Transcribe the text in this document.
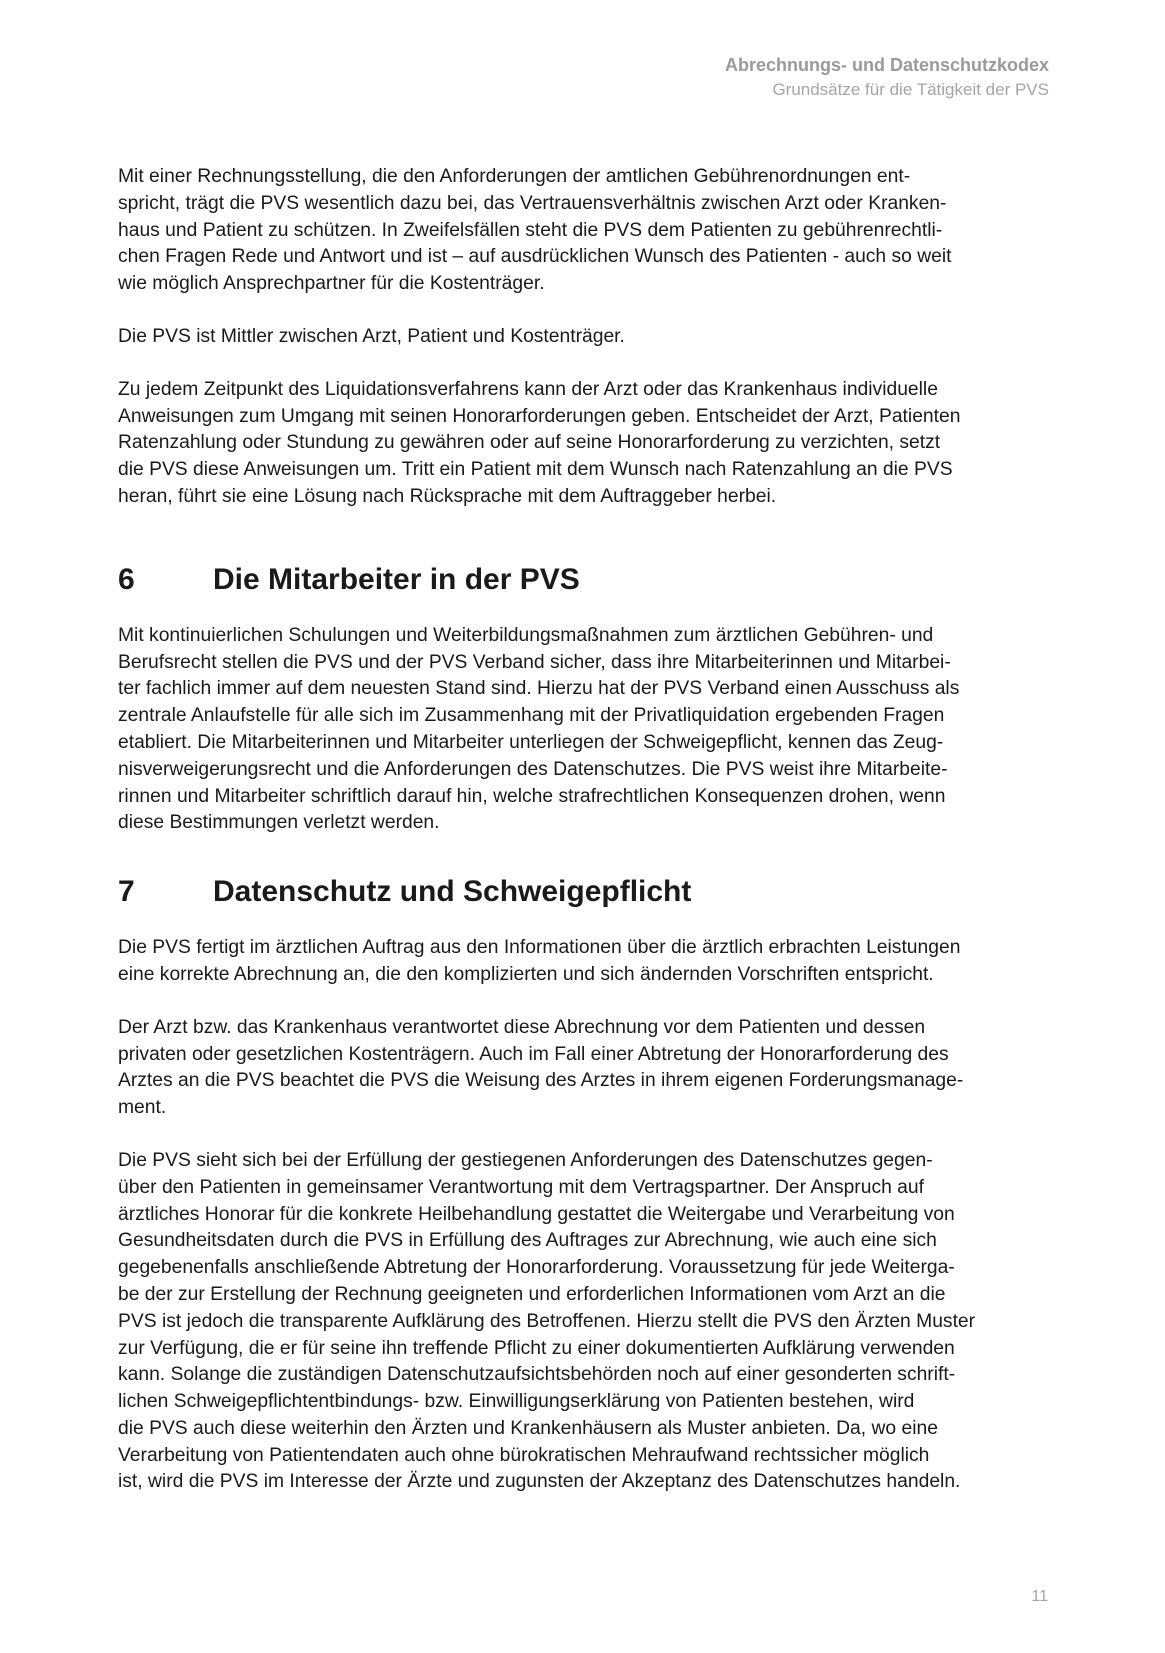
Abrechnungs- und Datenschutzkodex
Grundsätze für die Tätigkeit der PVS
Mit einer Rechnungsstellung, die den Anforderungen der amtlichen Gebührenordnungen ent-
spricht, trägt die PVS wesentlich dazu bei, das Vertrauensverhältnis zwischen Arzt oder Kranken-
haus und Patient zu schützen. In Zweifelsfällen steht die PVS dem Patienten zu gebührenrechtli-
chen Fragen Rede und Antwort und ist – auf ausdrücklichen Wunsch des Patienten - auch so weit
wie möglich Ansprechpartner für die Kostenträger.
Die PVS ist Mittler zwischen Arzt, Patient und Kostenträger.
Zu jedem Zeitpunkt des Liquidationsverfahrens kann der Arzt oder das Krankenhaus individuelle
Anweisungen zum Umgang mit seinen Honorarforderungen geben. Entscheidet der Arzt, Patienten
Ratenzahlung oder Stundung zu gewähren oder auf seine Honorarforderung zu verzichten, setzt
die PVS diese Anweisungen um. Tritt ein Patient mit dem Wunsch nach Ratenzahlung an die PVS
heran, führt sie eine Lösung nach Rücksprache mit dem Auftraggeber herbei.
6	Die Mitarbeiter in der PVS
Mit kontinuierlichen Schulungen und Weiterbildungsmaßnahmen zum ärztlichen Gebühren- und
Berufsrecht stellen die PVS und der PVS Verband sicher, dass ihre Mitarbeiterinnen und Mitarbei-
ter fachlich immer auf dem neuesten Stand sind. Hierzu hat der PVS Verband einen Ausschuss als
zentrale Anlaufstelle für alle sich im Zusammenhang mit der Privatliquidation ergebenden Fragen
etabliert. Die Mitarbeiterinnen und Mitarbeiter unterliegen der Schweigepflicht, kennen das Zeug-
nisverweigerungsrecht und die Anforderungen des Datenschutzes. Die PVS weist ihre Mitarbeite-
rinnen und Mitarbeiter schriftlich darauf hin, welche strafrechtlichen Konsequenzen drohen, wenn
diese Bestimmungen verletzt werden.
7	Datenschutz und Schweigepflicht
Die PVS fertigt im ärztlichen Auftrag aus den Informationen über die ärztlich erbrachten Leistungen
eine korrekte Abrechnung an, die den komplizierten und sich ändernden Vorschriften entspricht.
Der Arzt bzw. das Krankenhaus verantwortet diese Abrechnung vor dem Patienten und dessen
privaten oder gesetzlichen Kostenträgern. Auch im Fall einer Abtretung der Honorarforderung des
Arztes an die PVS beachtet die PVS die Weisung des Arztes in ihrem eigenen Forderungsmanage-
ment.
Die PVS sieht sich bei der Erfüllung der gestiegenen Anforderungen des Datenschutzes gegen-
über den Patienten in gemeinsamer Verantwortung mit dem Vertragspartner. Der Anspruch auf
ärztliches Honorar für die konkrete Heilbehandlung gestattet die Weitergabe und Verarbeitung von
Gesundheitsdaten durch die PVS in Erfüllung des Auftrages zur Abrechnung, wie auch eine sich
gegebenenfalls anschließende Abtretung der Honorarforderung. Voraussetzung für jede Weiterga-
be der zur Erstellung der Rechnung geeigneten und erforderlichen Informationen vom Arzt an die
PVS ist jedoch die transparente Aufklärung des Betroffenen. Hierzu stellt die PVS den Ärzten Muster
zur Verfügung, die er für seine ihn treffende Pflicht zu einer dokumentierten Aufklärung verwenden
kann. Solange die zuständigen Datenschutzaufsichtsbehörden noch auf einer gesonderten schrift-
lichen Schweigepflichtentbindungs- bzw. Einwilligungserklärung von Patienten bestehen, wird
die PVS auch diese weiterhin den Ärzten und Krankenhäusern als Muster anbieten. Da, wo eine
Verarbeitung von Patientendaten auch ohne bürokratischen Mehraufwand rechtssicher möglich
ist, wird die PVS im Interesse der Ärzte und zugunsten der Akzeptanz des Datenschutzes handeln.
11
